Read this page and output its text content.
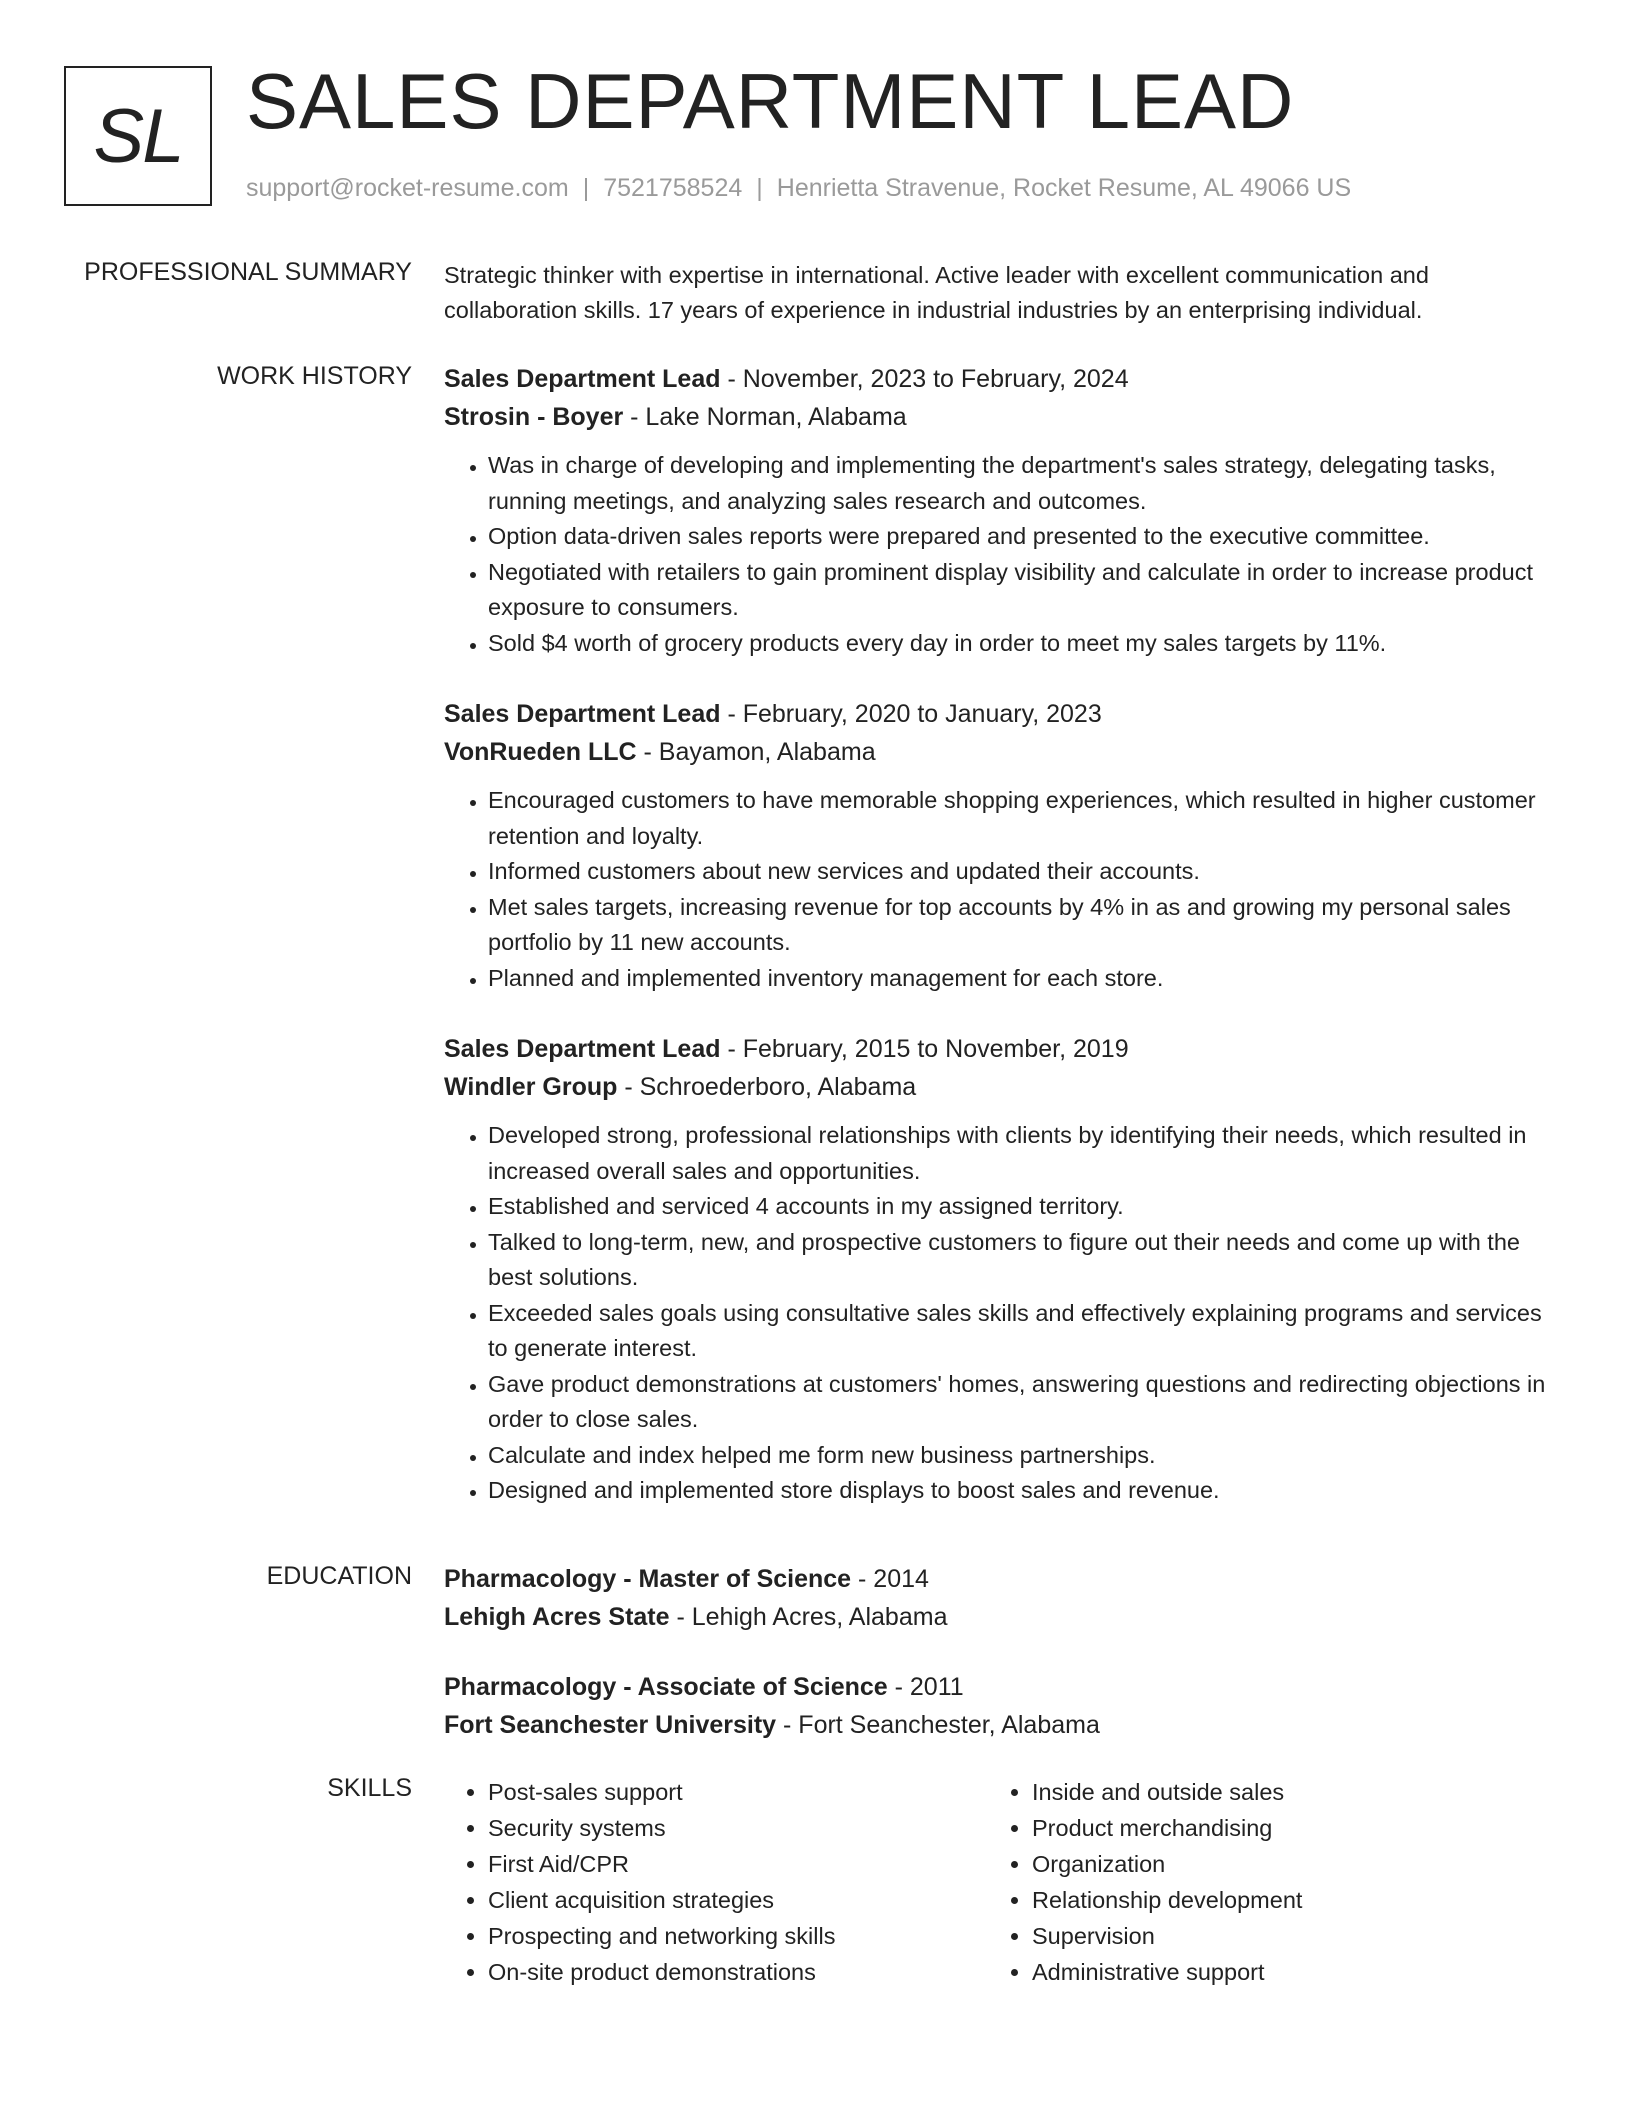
SL SALES DEPARTMENT LEAD
support@rocket-resume.com | 7521758524 | Henrietta Stravenue, Rocket Resume, AL 49066 US
PROFESSIONAL SUMMARY Strategic thinker with expertise in international. Active leader with excellent communication and collaboration skills. 17 years of experience in industrial industries by an enterprising individual.

WORK HISTORY Sales Department Lead - November, 2023 to February, 2024
Strosin - Boyer - Lake Norman, Alabama
• Was in charge of developing and implementing the department's sales strategy, delegating tasks, running meetings, and analyzing sales research and outcomes.
• Option data-driven sales reports were prepared and presented to the executive committee.
• Negotiated with retailers to gain prominent display visibility and calculate in order to increase product exposure to consumers.
• Sold $4 worth of grocery products every day in order to meet my sales targets by 11%.
Sales Department Lead - February, 2020 to January, 2023
VonRueden LLC - Bayamon, Alabama
• Encouraged customers to have memorable shopping experiences, which resulted in higher customer retention and loyalty.
• Informed customers about new services and updated their accounts.
• Met sales targets, increasing revenue for top accounts by 4% in as and growing my personal sales portfolio by 11 new accounts.
• Planned and implemented inventory management for each store.
Sales Department Lead - February, 2015 to November, 2019
Windler Group - Schroederboro, Alabama
• Developed strong, professional relationships with clients by identifying their needs, which resulted in increased overall sales and opportunities.
• Established and serviced 4 accounts in my assigned territory.
• Talked to long-term, new, and prospective customers to figure out their needs and come up with the best solutions.
• Exceeded sales goals using consultative sales skills and effectively explaining programs and services to generate interest.
• Gave product demonstrations at customers' homes, answering questions and redirecting objections in order to close sales.
• Calculate and index helped me form new business partnerships.
• Designed and implemented store displays to boost sales and revenue.
EDUCATION Pharmacology - Master of Science - 2014
Lehigh Acres State - Lehigh Acres, Alabama
Pharmacology - Associate of Science - 2011
Fort Seanchester University - Fort Seanchester, Alabama
SKILLS
•	Post-sales support
• Security systems
• First Aid/CPR
• Client acquisition strategies
• Prospecting and networking skills
• On-site product demonstrations
• Inside and outside sales
• Product merchandising
• Organization
• Relationship development
• Supervision
• Administrative support
